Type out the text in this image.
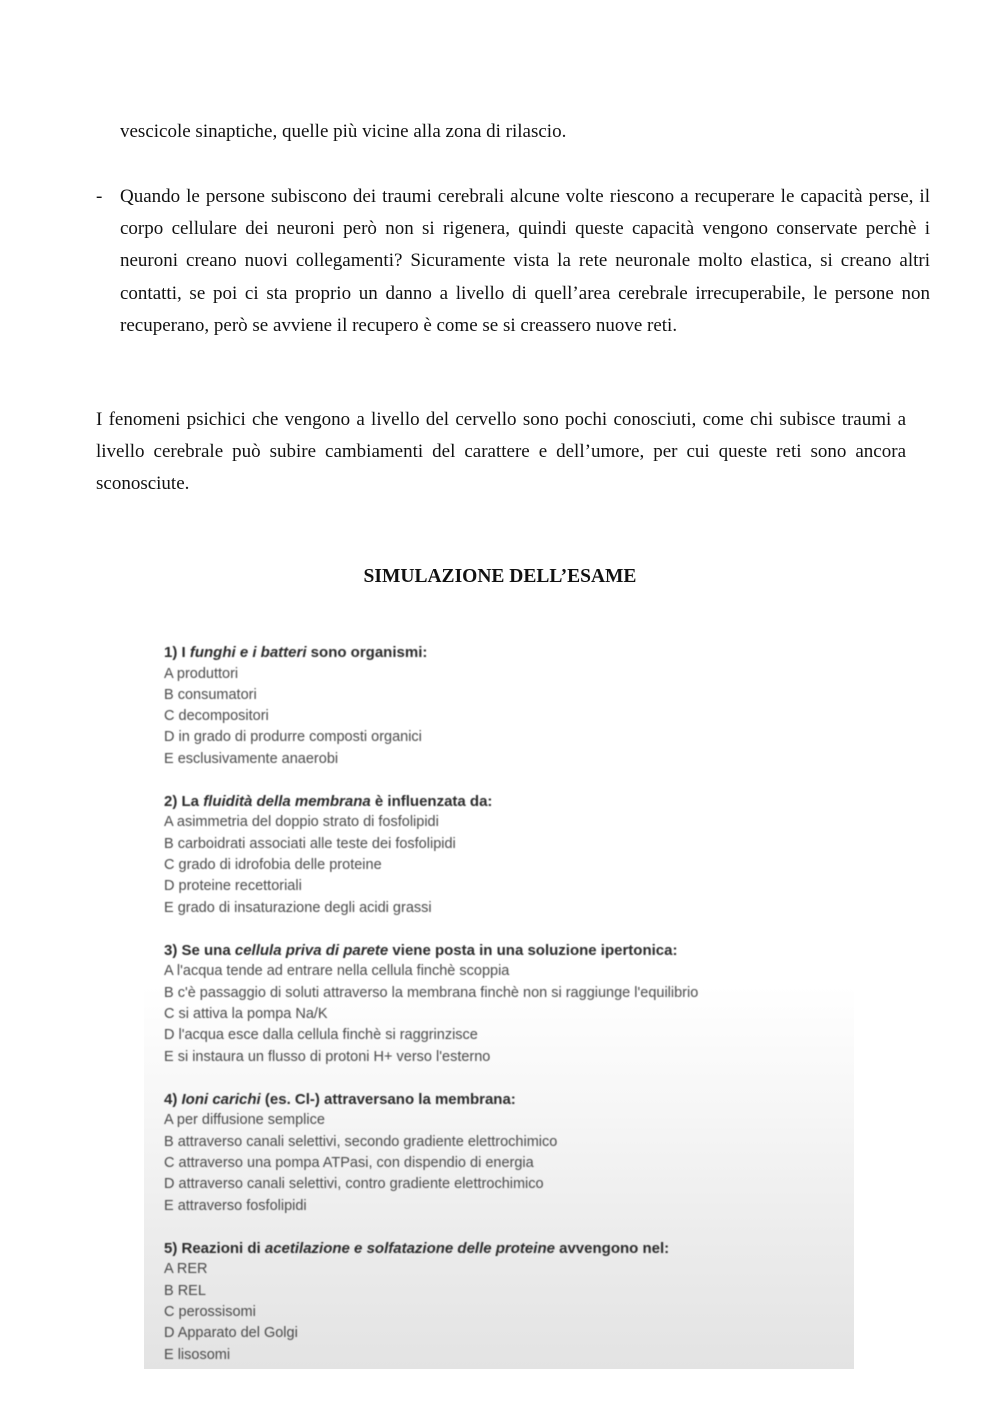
vescicole sinaptiche, quelle più vicine alla zona di rilascio.
- Quando le persone subiscono dei traumi cerebrali alcune volte riescono a recuperare le capacità perse, il corpo cellulare dei neuroni però non si rigenera, quindi queste capacità vengono conservate perchè i neuroni creano nuovi collegamenti? Sicuramente vista la rete neuronale molto elastica, si creano altri contatti, se poi ci sta proprio un danno a livello di quell’area cerebrale irrecuperabile, le persone non recuperano, però se avviene il recupero è come se si creassero nuove reti.
I fenomeni psichici che vengono a livello del cervello sono pochi conosciuti, come chi subisce traumi a livello cerebrale può subire cambiamenti del carattere e dell’umore, per cui queste reti sono ancora sconosciute.
SIMULAZIONE DELL’ESAME
1) I funghi e i batteri sono organismi:
A produttori
B consumatori
C decompositori
D in grado di produrre composti organici
E esclusivamente anaerobi
2) La fluidità della membrana è influenzata da:
A asimmetria del doppio strato di fosfolipidi
B carboidrati associati alle teste dei fosfolipidi
C grado di idrofobia delle proteine
D proteine recettoriali
E grado di insaturazione degli acidi grassi
3) Se una cellula priva di parete viene posta in una soluzione ipertonica:
A l'acqua tende ad entrare nella cellula finchè scoppia
B c'è passaggio di soluti attraverso la membrana finchè non si raggiunge l'equilibrio
C si attiva la pompa Na/K
D l'acqua esce dalla cellula finchè si raggrinzisce
E si instaura un flusso di protoni H+ verso l'esterno
4) Ioni carichi (es. Cl-) attraversano la membrana:
A per diffusione semplice
B attraverso canali selettivi, secondo gradiente elettrochimico
C attraverso una pompa ATPasi, con dispendio di energia
D attraverso canali selettivi, contro gradiente elettrochimico
E attraverso fosfolipidi
5) Reazioni di acetilazione e solfatazione delle proteine avvengono nel:
A RER
B REL
C perossisomi
D Apparato del Golgi
E lisosomi
